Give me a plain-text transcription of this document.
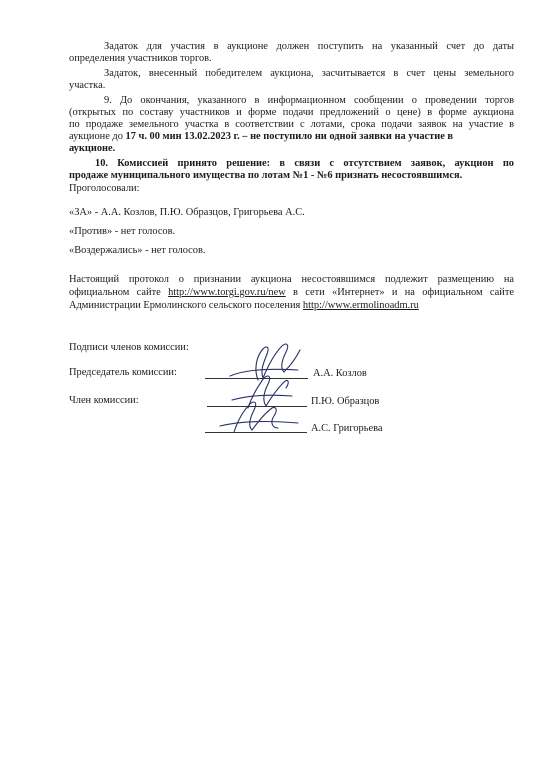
Задаток для участия в аукционе должен поступить на указанный счет до даты

определения участников торгов.

Задаток, внесенный победителем аукциона, засчитывается в счет цены земельного

участка.

9. До окончания, указанного в информационном сообщении о проведении торгов

(открытых по составу участников и форме подачи предложений о цене) в форме аукциона

по продаже земельного участка в соответствии с лотами, срока подачи заявок на участие в

аукционе до 17 ч. 00 мин 13.02.2023 г. – не поступило ни одной заявки на участие в

аукционе.

10. Комиссией принято решение: в связи с отсутствием заявок, аукцион по

продаже муниципального имущества по лотам №1 - №6 признать несостоявшимся.

Проголосовали:

«ЗА» - А.А. Козлов, П.Ю. Образцов, Григорьева А.С.

«Против» - нет голосов.

«Воздержались» - нет голосов.

Настоящий протокол о признании аукциона несостоявшимся подлежит размещению на

официальном сайте http://www.torgi.gov.ru/new в сети «Интернет» и на официальном сайте

Администрации Ермолинского сельского поселения http://www.ermolinoadm.ru

Подписи членов комиссии:

Председатель комиссии:	А.А. Козлов

Член комиссии:	П.Ю. Образцов

А.С. Григорьева
